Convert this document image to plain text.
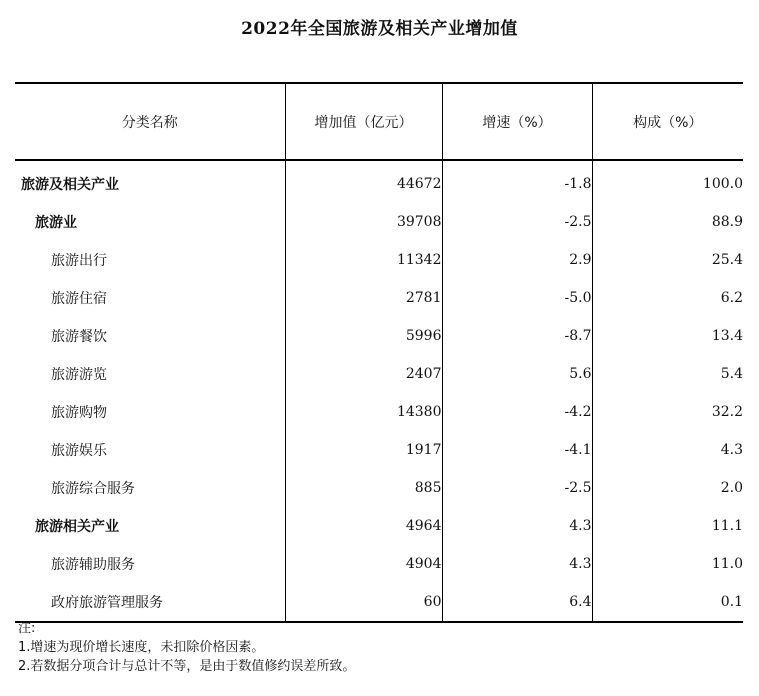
2022年全国旅游及相关产业增加值
分类名称	增加值（亿元）	增速（%）	构成（%）
旅游及相关产业	44672	-1.8	100.0
旅游业	39708	-2.5	88.9
旅游出行	11342	2.9	25.4
旅游住宿	2781	-5.0	6.2
旅游餐饮	5996	-8.7	13.4
旅游游览	2407	5.6	5.4
旅游购物	14380	-4.2	32.2
旅游娱乐	1917	-4.1	4.3
旅游综合服务	885	-2.5	2.0
旅游相关产业	4964	4.3	11.1
旅游辅助服务	4904	4.3	11.0
政府旅游管理服务	60	6.4	0.1
注:
1.增速为现价增长速度，未扣除价格因素。
2.若数据分项合计与总计不等，是由于数值修约误差所致。
